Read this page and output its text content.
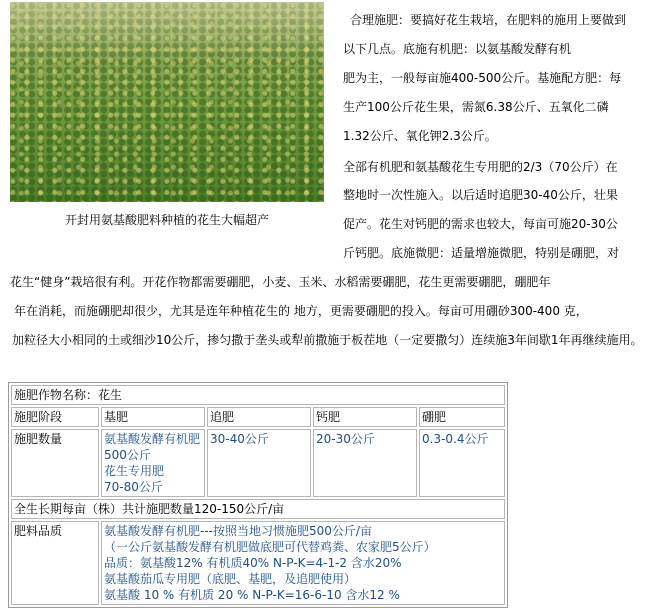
开封用氨基酸肥料种植的花生大幅超产
合理施肥：要搞好花生栽培，在肥料的施用上要做到
以下几点。底施有机肥：以氨基酸发酵有机
肥为主，一般每亩施400-500公斤。基施配方肥：每
生产100公斤花生果，需氮6.38公斤、五氧化二磷
1.32公斤、氧化钾2.3公斤。
全部有机肥和氨基酸花生专用肥的2/3（70公斤）在
整地时一次性施入。以后适时追肥30-40公斤，壮果
促产。花生对钙肥的需求也较大，每亩可施20-30公
斤钙肥。底施微肥：适量增施微肥，特别是硼肥，对
花生“健身”栽培很有利。开花作物都需要硼肥，小麦、玉米、水稻需要硼肥，花生更需要硼肥，硼肥年
年在消耗，而施硼肥却很少，尤其是连年种植花生的 地方，更需要硼肥的投入。每亩可用硼砂300-400 克，
加粒径大小相同的土或细沙10公斤，掺匀撒于垄头或犁前撒施于板茬地（一定要撒匀）连续施3年间歇1年再继续施用。
施肥作物名称：花生				
施肥阶段	基肥	追肥	钙肥	硼肥
施肥数量	氨基酸发酵有机肥
500公斤
花生专用肥
70-80公斤	30-40公斤	20-30公斤	0.3-0.4公斤
全生长期每亩（株）共计施肥数量120-150公斤/亩				
肥料品质	氨基酸发酵有机肥---按照当地习惯施肥500公斤/亩
（一公斤氨基酸发酵有机肥做底肥可代替鸡粪、农家肥5公斤）
品质：氨基酸12% 有机质40% N-P-K=4-1-2 含水20%
氨基酸茄瓜专用肥（底肥、基肥，及追肥使用）
氨基酸 10 % 有机质 20 % N-P-K=16-6-10 含水12 %			
